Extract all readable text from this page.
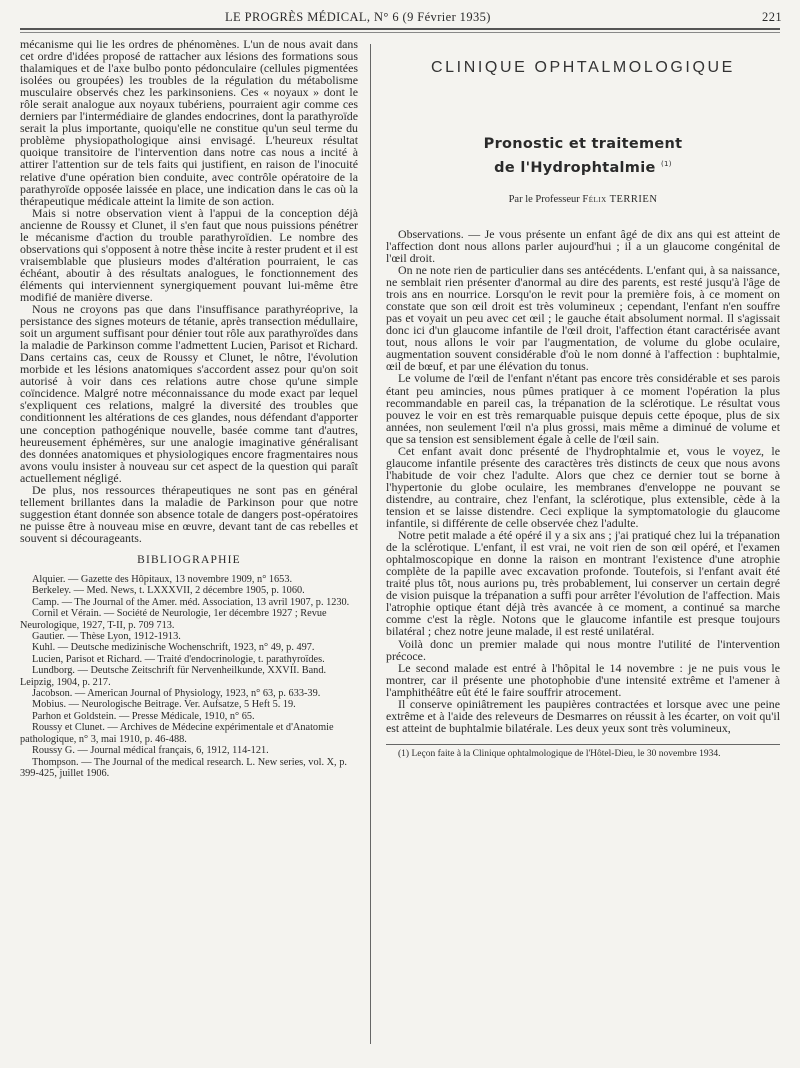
LE PROGRÈS MÉDICAL, N° 6 (9 Février 1935)	221

mécanisme qui lie les ordres de phénomènes. L'un de nous avait dans cet ordre d'idées proposé de rattacher aux lésions des formations sous thalamiques et de l'axe bulbo ponto pédonculaire (cellules pigmentées isolées ou groupées) les troubles de la régulation du métabolisme musculaire observés chez les parkinsoniens. Ces « noyaux » dont le rôle serait analogue aux noyaux tubériens, pourraient agir comme ces derniers par l'intermédiaire de glandes endocrines, dont la parathyroïde serait la plus importante, quoiqu'elle ne constitue qu'un seul terme du problème physiopathologique ainsi envisagé. L'heureux résultat quoique transitoire de l'intervention dans notre cas nous a incité à attirer l'attention sur de tels faits qui justifient, en raison de l'inocuité relative d'une opération bien conduite, avec contrôle opératoire de la parathyroïde opposée laissée en place, une indication dans le cas où la thérapeutique médicale atteint la limite de son action.

Mais si notre observation vient à l'appui de la conception déjà ancienne de Roussy et Clunet, il s'en faut que nous puissions pénétrer le mécanisme d'action du trouble parathyroïdien. Le nombre des observations qui s'opposent à notre thèse incite à rester prudent et il est vraisemblable que plusieurs modes d'altération pourraient, le cas échéant, aboutir à des résultats analogues, le fonctionnement des éléments qui interviennent synergiquement pouvant lui-même être modifié de manière diverse.

Nous ne croyons pas que dans l'insuffisance parathyréoprive, la persistance des signes moteurs de tétanie, après transection médullaire, soit un argument suffisant pour dénier tout rôle aux parathyroïdes dans la maladie de Parkinson comme l'admettent Lucien, Parisot et Richard. Dans certains cas, ceux de Roussy et Clunet, le nôtre, l'évolution morbide et les lésions anatomiques s'accordent assez pour qu'on soit autorisé à voir dans ces relations autre chose qu'une simple coïncidence. Malgré notre méconnaissance du mode exact par lequel s'expliquent ces relations, malgré la diversité des troubles que conditionnent les altérations de ces glandes, nous défendant d'apporter une conception pathogénique nouvelle, basée comme tant d'autres, heureusement éphémères, sur une analogie imaginative généralisant des données anatomiques et physiologiques encore fragmentaires nous avons voulu insister à nouveau sur cet aspect de la question qui paraît actuellement négligé.

De plus, nos ressources thérapeutiques ne sont pas en général tellement brillantes dans la maladie de Parkinson pour que notre suggestion étant donnée son absence totale de dangers post-opératoires ne puisse être à nouveau mise en œuvre, devant tant de cas rebelles et souvent si décourageants.

BIBLIOGRAPHIE

Alquier. — Gazette des Hôpitaux, 13 novembre 1909, n° 1653.

Berkeley. — Med. News, t. LXXXVII, 2 décembre 1905, p. 1060.

Camp. — The Journal of the Amer. méd. Association, 13 avril 1907, p. 1230.

Cornil et Vérain. — Société de Neurologie, 1er décembre 1927 ; Revue Neurologique, 1927, T-II, p. 709 713.

Gautier. — Thèse Lyon, 1912-1913.

Kuhl. — Deutsche medizinische Wochenschrift, 1923, n° 49, p. 497.

Lucien, Parisot et Richard. — Traité d'endocrinologie, t. parathyroïdes.

Lundborg. — Deutsche Zeitschrift für Nervenheilkunde, XXVII. Band. Leipzig, 1904, p. 217.

Jacobson. — American Journal of Physiology, 1923, n° 63, p. 633-39.

Mobius. — Neurologische Beitrage. Ver. Aufsatze, 5 Heft 5. 19.

Parhon et Goldstein. — Presse Médicale, 1910, n° 65.

Roussy et Clunet. — Archives de Médecine expérimentale et d'Anatomie pathologique, n° 3, mai 1910, p. 46-488.

Roussy G. — Journal médical français, 6, 1912, 114-121.

Thompson. — The Journal of the medical research. L. New series, vol. X, p. 399-425, juillet 1906.

CLINIQUE OPHTALMOLOGIQUE
Pronostic et traitement
de l'Hydrophtalmie $^{(1)}$
Par le Professeur Félix TERRIEN

Observations. — Je vous présente un enfant âgé de dix ans qui est atteint de l'affection dont nous allons parler aujourd'hui ; il a un glaucome congénital de l'œil droit.

On ne note rien de particulier dans ses antécédents. L'enfant qui, à sa naissance, ne semblait rien présenter d'anormal au dire des parents, est resté jusqu'à l'âge de trois ans en nourrice. Lorsqu'on le revit pour la première fois, à ce moment on constate que son œil droit est très volumineux ; cependant, l'enfant n'en souffre pas et voyait un peu avec cet œil ; le gauche était absolument normal. Il s'agissait donc ici d'un glaucome infantile de l'œil droit, l'affection étant caractérisée avant tout, nous allons le voir par l'augmentation, de volume du globe oculaire, augmentation souvent considérable d'où le nom donné à l'affection : buphtalmie, œil de bœuf, et par une élévation du tonus.

Le volume de l'œil de l'enfant n'étant pas encore très considérable et ses parois étant peu amincies, nous pûmes pratiquer à ce moment l'opération la plus recommandable en pareil cas, la trépanation de la sclérotique. Le résultat vous pouvez le voir en est très remarquable puisque depuis cette époque, plus de six années, non seulement l'œil n'a plus grossi, mais même a diminué de volume et que sa tension est sensiblement égale à celle de l'œil sain.

Cet enfant avait donc présenté de l'hydrophtalmie et, vous le voyez, le glaucome infantile présente des caractères très distincts de ceux que nous avons l'habitude de voir chez l'adulte. Alors que chez ce dernier tout se borne à l'hypertonie du globe oculaire, les membranes d'enveloppe ne pouvant se distendre, au contraire, chez l'enfant, la sclérotique, plus extensible, cède à la tension et se laisse distendre. Ceci explique la symptomatologie du glaucome infantile, si différente de celle observée chez l'adulte.

Notre petit malade a été opéré il y a six ans ; j'ai pratiqué chez lui la trépanation de la sclérotique. L'enfant, il est vrai, ne voit rien de son œil opéré, et l'examen ophtalmoscopique en donne la raison en montrant l'existence d'une atrophie complète de la papille avec excavation profonde. Toutefois, si l'enfant avait été traité plus tôt, nous aurions pu, très probablement, lui conserver un certain degré de vision puisque la trépanation a suffi pour arrêter l'évolution de l'affection. Mais l'atrophie optique étant déjà très avancée à ce moment, a continué sa marche comme c'est la règle. Notons que le glaucome infantile est presque toujours bilatéral ; chez notre jeune malade, il est resté unilatéral.

Voilà donc un premier malade qui nous montre l'utilité de l'intervention précoce.

Le second malade est entré à l'hôpital le 14 novembre : je ne puis vous le montrer, car il présente une photophobie d'une intensité extrême et l'amener à l'amphithéâtre eût été le faire souffrir atrocement.

Il conserve opiniâtrement les paupières contractées et lorsque avec une peine extrême et à l'aide des releveurs de Desmarres on réussit à les écarter, on voit qu'il est atteint de buphtalmie bilatérale. Les deux yeux sont très volumineux,

(1) Leçon faite à la Clinique ophtalmologique de l'Hôtel-Dieu, le 30 novembre 1934.
